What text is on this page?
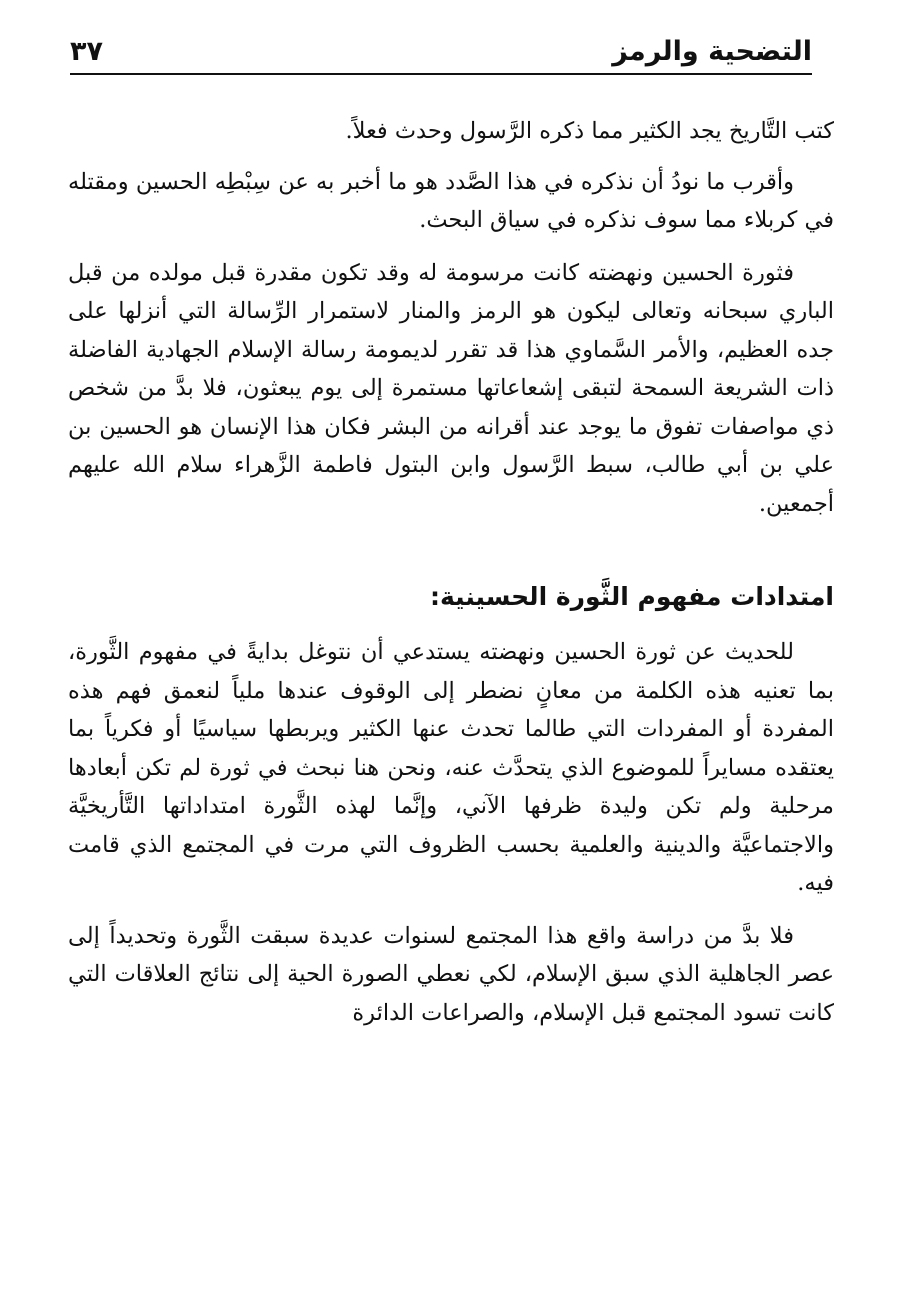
التضحية والرمز
٣٧

كتب التَّاريخ يجد الكثير مما ذكره الرَّسول وحدث فعلاً.

وأقرب ما نودُ أن نذكره في هذا الصَّدد هو ما أخبر به عن سِبْطِه الحسين ومقتله في كربلاء مما سوف نذكره في سياق البحث.

فثورة الحسين ونهضته كانت مرسومة له وقد تكون مقدرة قبل مولده من قبل الباري سبحانه وتعالى ليكون هو الرمز والمنار لاستمرار الرِّسالة التي أنزلها على جده العظيم، والأمر السَّماوي هذا قد تقرر لديمومة رسالة الإسلام الجهادية الفاضلة ذات الشريعة السمحة لتبقى إشعاعاتها مستمرة إلى يوم يبعثون، فلا بدَّ من شخص ذي مواصفات تفوق ما يوجد عند أقرانه من البشر فكان هذا الإنسان هو الحسين بن علي بن أبي طالب، سبط الرَّسول وابن البتول فاطمة الزَّهراء سلام الله عليهم أجمعين.

امتدادات مفهوم الثَّورة الحسينية:

للحديث عن ثورة الحسين ونهضته يستدعي أن نتوغل بدايةً في مفهوم الثَّورة، بما تعنيه هذه الكلمة من معانٍ نضطر إلى الوقوف عندها ملياً لنعمق فهم هذه المفردة أو المفردات التي طالما تحدث عنها الكثير ويربطها سياسيًا أو فكرياً بما يعتقده مسايراً للموضوع الذي يتحدَّث عنه، ونحن هنا نبحث في ثورة لم تكن أبعادها مرحلية ولم تكن وليدة ظرفها الآني، وإنَّما لهذه الثَّورة امتداداتها التَّأريخيَّة والاجتماعيَّة والدينية والعلمية بحسب الظروف التي مرت في المجتمع الذي قامت فيه.

فلا بدَّ من دراسة واقع هذا المجتمع لسنوات عديدة سبقت الثَّورة وتحديداً إلى عصر الجاهلية الذي سبق الإسلام، لكي نعطي الصورة الحية إلى نتائج العلاقات التي كانت تسود المجتمع قبل الإسلام، والصراعات الدائرة
